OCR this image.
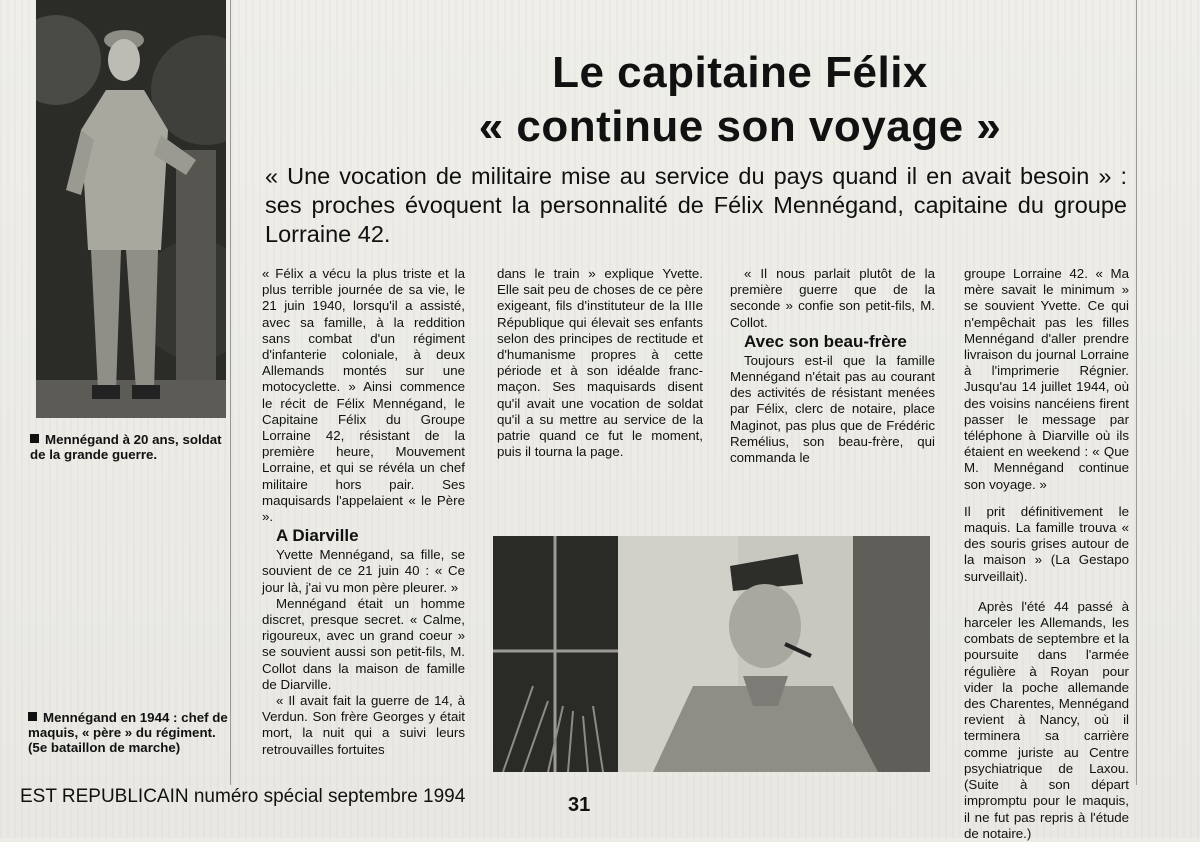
Mennégand à 20 ans, soldat de la grande guerre.
Mennégand en 1944 : chef de maquis, « père » du régiment. (5e bataillon de marche)
Le capitaine Félix
« continue son voyage »
« Une vocation de militaire mise au service du pays quand il en avait besoin » : ses proches évoquent la personnalité de Félix Mennégand, capitaine du groupe Lorraine 42.

« Félix a vécu la plus triste et la plus terrible journée de sa vie, le 21 juin 1940, lorsqu'il a assisté, avec sa famille, à la reddition sans combat d'un régiment d'infanterie coloniale, à deux Allemands montés sur une motocyclette. » Ainsi commence le récit de Félix Mennégand, le Capitaine Félix du Groupe Lorraine 42, résistant de la première heure, Mouvement Lorraine, et qui se révéla un chef militaire hors pair. Ses maquisards l'appelaient « le Père ».

A Diarville

Yvette Mennégand, sa fille, se souvient de ce 21 juin 40 : « Ce jour là, j'ai vu mon père pleurer. »

Mennégand était un homme discret, presque secret. « Calme, rigoureux, avec un grand coeur » se souvient aussi son petit-fils, M. Collot dans la maison de famille de Diarville.

« Il avait fait la guerre de 14, à Verdun. Son frère Georges y était mort, la nuit qui a suivi leurs retrouvailles fortuites

dans le train » explique Yvette. Elle sait peu de choses de ce père exigeant, fils d'instituteur de la IIIe République qui élevait ses enfants selon des principes de rectitude et d'humanisme propres à cette période et à son idéalde franc-maçon. Ses maquisards disent qu'il avait une vocation de soldat qu'il a su mettre au service de la patrie quand ce fut le moment, puis il tourna la page.

« Il nous parlait plutôt de la première guerre que de la seconde » confie son petit-fils, M. Collot.

Avec son beau-frère

Toujours est-il que la famille Mennégand n'était pas au courant des activités de résistant menées par Félix, clerc de notaire, place Maginot, pas plus que de Frédéric Remélius, son beau-frère, qui commanda le

groupe Lorraine 42. « Ma mère savait le minimum » se souvient Yvette. Ce qui n'empêchait pas les filles Mennégand d'aller prendre livraison du journal Lorraine à l'imprimerie Régnier. Jusqu'au 14 juillet 1944, où des voisins nancéiens firent passer le message par téléphone à Diarville où ils étaient en weekend : « Que M. Mennégand continue son voyage. »

Il prit définitivement le maquis. La famille trouva « des souris grises autour de la maison » (La Gestapo surveillait).

Après l'été 44 passé à harceler les Allemands, les combats de septembre et la poursuite dans l'armée régulière à Royan pour vider la poche allemande des Charentes, Mennégand revient à Nancy, où il terminera sa carrière comme juriste au Centre psychiatrique de Laxou. (Suite à son départ impromptu pour le maquis, il ne fut pas repris à l'étude de notaire.)

EST REPUBLICAIN numéro spécial septembre 1994	31
